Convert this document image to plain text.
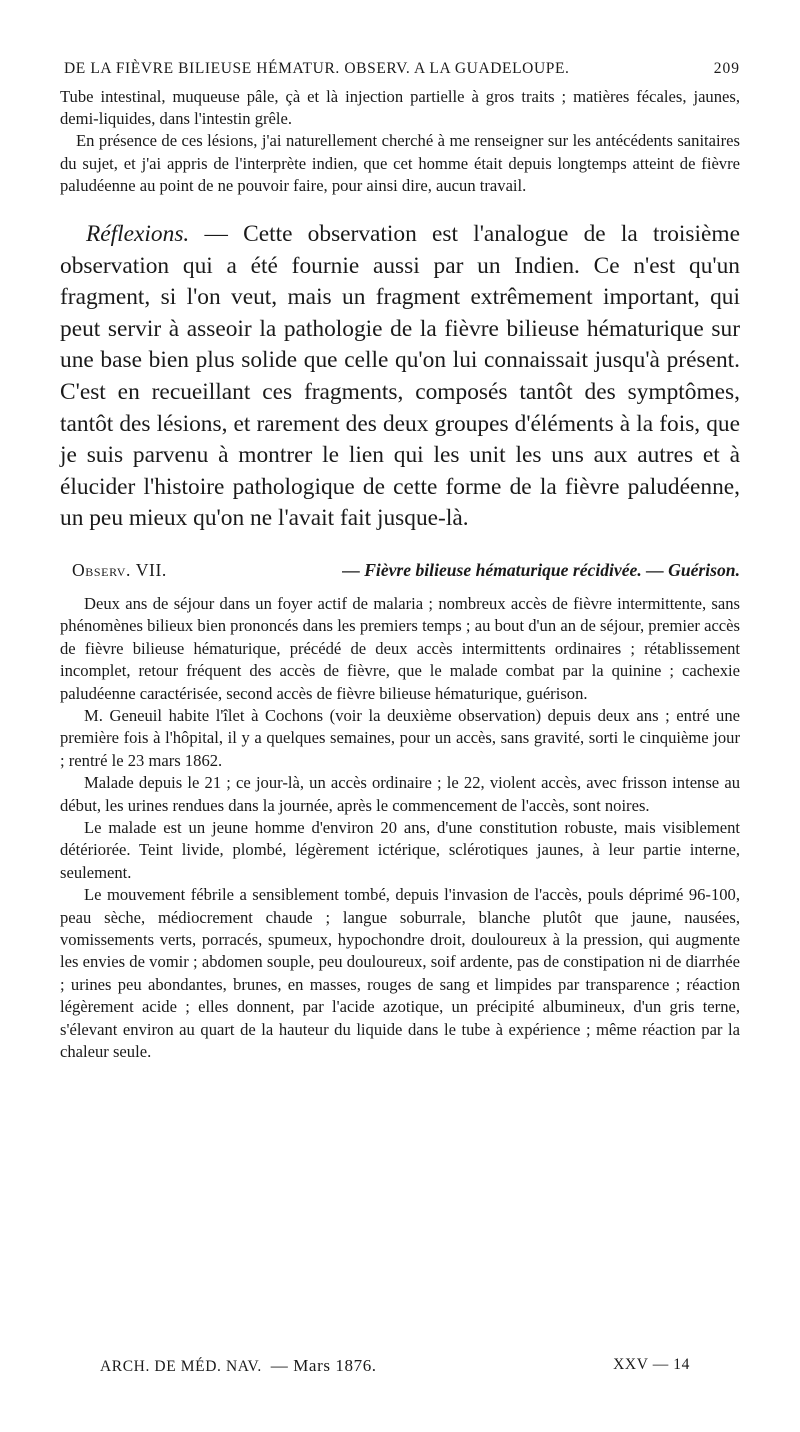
DE LA FIÈVRE BILIEUSE HÉMATUR. OBSERV. A LA GUADELOUPE.	209

Tube intestinal, muqueuse pâle, çà et là injection partielle à gros traits ; matières fécales, jaunes, demi-liquides, dans l'intestin grêle.

En présence de ces lésions, j'ai naturellement cherché à me renseigner sur les antécédents sanitaires du sujet, et j'ai appris de l'interprète indien, que cet homme était depuis longtemps atteint de fièvre paludéenne au point de ne pouvoir faire, pour ainsi dire, aucun travail.

Réflexions. — Cette observation est l'analogue de la troisième observation qui a été fournie aussi par un Indien. Ce n'est qu'un fragment, si l'on veut, mais un fragment extrêmement important, qui peut servir à asseoir la pathologie de la fièvre bilieuse hématurique sur une base bien plus solide que celle qu'on lui connaissait jusqu'à présent. C'est en recueillant ces fragments, composés tantôt des symptômes, tantôt des lésions, et rarement des deux groupes d'éléments à la fois, que je suis parvenu à montrer le lien qui les unit les uns aux autres et à élucider l'histoire pathologique de cette forme de la fièvre paludéenne, un peu mieux qu'on ne l'avait fait jusque-là.

Observ. VII.	— Fièvre bilieuse hématurique récidivée. — Guérison.

Deux ans de séjour dans un foyer actif de malaria ; nombreux accès de fièvre intermittente, sans phénomènes bilieux bien prononcés dans les premiers temps ; au bout d'un an de séjour, premier accès de fièvre bilieuse hématurique, précédé de deux accès intermittents ordinaires ; rétablissement incomplet, retour fréquent des accès de fièvre, que le malade combat par la quinine ; cachexie paludéenne caractérisée, second accès de fièvre bilieuse hématurique, guérison.

M. Geneuil habite l'îlet à Cochons (voir la deuxième observation) depuis deux ans ; entré une première fois à l'hôpital, il y a quelques semaines, pour un accès, sans gravité, sorti le cinquième jour ; rentré le 23 mars 1862.

Malade depuis le 21 ; ce jour-là, un accès ordinaire ; le 22, violent accès, avec frisson intense au début, les urines rendues dans la journée, après le commencement de l'accès, sont noires.

Le malade est un jeune homme d'environ 20 ans, d'une constitution robuste, mais visiblement détériorée. Teint livide, plombé, légèrement ictérique, sclérotiques jaunes, à leur partie interne, seulement.

Le mouvement fébrile a sensiblement tombé, depuis l'invasion de l'accès, pouls déprimé 96-100, peau sèche, médiocrement chaude ; langue soburrale, blanche plutôt que jaune, nausées, vomissements verts, porracés, spumeux, hypochondre droit, douloureux à la pression, qui augmente les envies de vomir ; abdomen souple, peu douloureux, soif ardente, pas de constipation ni de diarrhée ; urines peu abondantes, brunes, en masses, rouges de sang et limpides par transparence ; réaction légèrement acide ; elles donnent, par l'acide azotique, un précipité albumineux, d'un gris terne, s'élevant environ au quart de la hauteur du liquide dans le tube à expérience ; même réaction par la chaleur seule.

ARCH. DE MÉD. NAV. — Mars 1876.	XXV — 14
